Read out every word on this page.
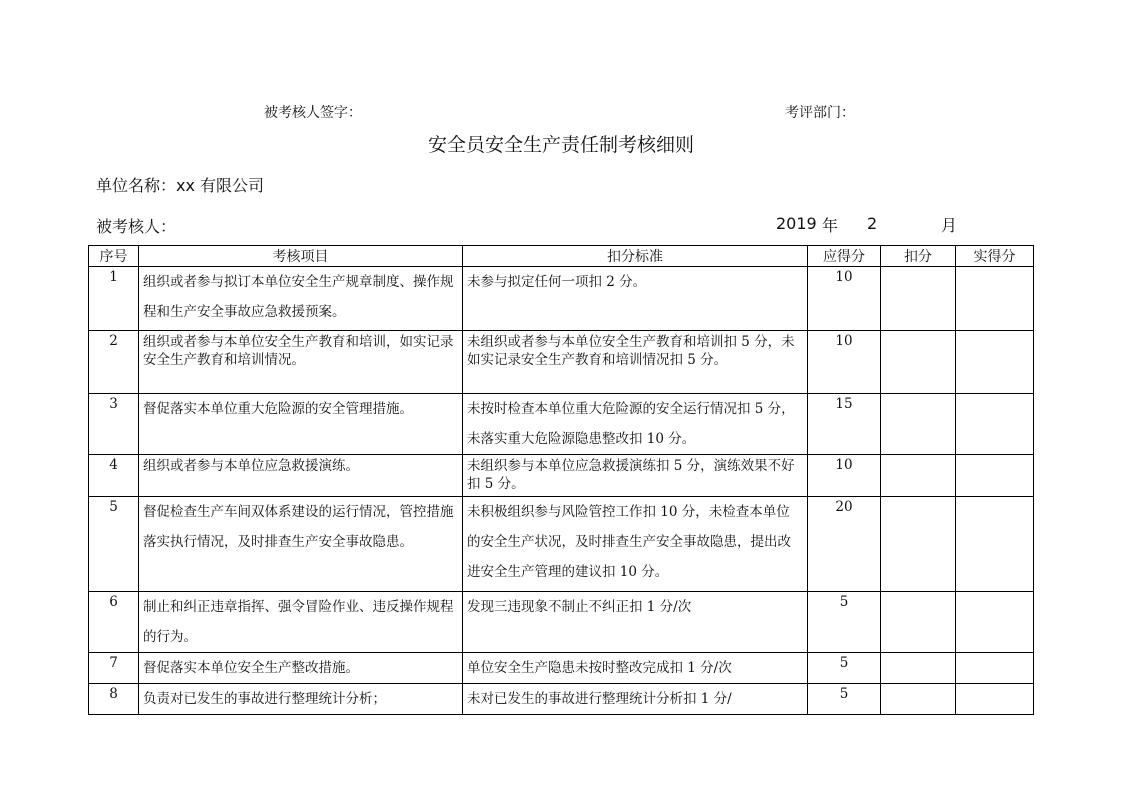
被考核人签字：	考评部门：
安全员安全生产责任制考核细则
单位名称：xx 有限公司
被考核人：	2019 年 2	月
序号	考核项目	扣分标准	应得分	扣分	实得分
1	组织或者参与拟订本单位安全生产规章制度、操作规程和生产安全事故应急救援预案。	未参与拟定任何一项扣 2 分。	10		
2	组织或者参与本单位安全生产教育和培训，如实记录安全生产教育和培训情况。	未组织或者参与本单位安全生产教育和培训扣 5 分，未如实记录安全生产教育和培训情况扣 5 分。	10		
3	督促落实本单位重大危险源的安全管理措施。	未按时检查本单位重大危险源的安全运行情况扣 5 分，未落实重大危险源隐患整改扣 10 分。	15		
4	组织或者参与本单位应急救援演练。	未组织参与本单位应急救援演练扣 5 分，演练效果不好扣 5 分。	10		
5	督促检查生产车间双体系建设的运行情况，管控措施落实执行情况，及时排查生产安全事故隐患。	未积极组织参与风险管控工作扣 10 分，未检查本单位的安全生产状况，及时排查生产安全事故隐患，提出改进安全生产管理的建议扣 10 分。	20		
6	制止和纠正违章指挥、强令冒险作业、违反操作规程的行为。	发现三违现象不制止不纠正扣 1 分/次	5		
7	督促落实本单位安全生产整改措施。	单位安全生产隐患未按时整改完成扣 1 分/次	5		
8	负责对已发生的事故进行整理统计分析；	未对已发生的事故进行整理统计分析扣 1 分/	5		
